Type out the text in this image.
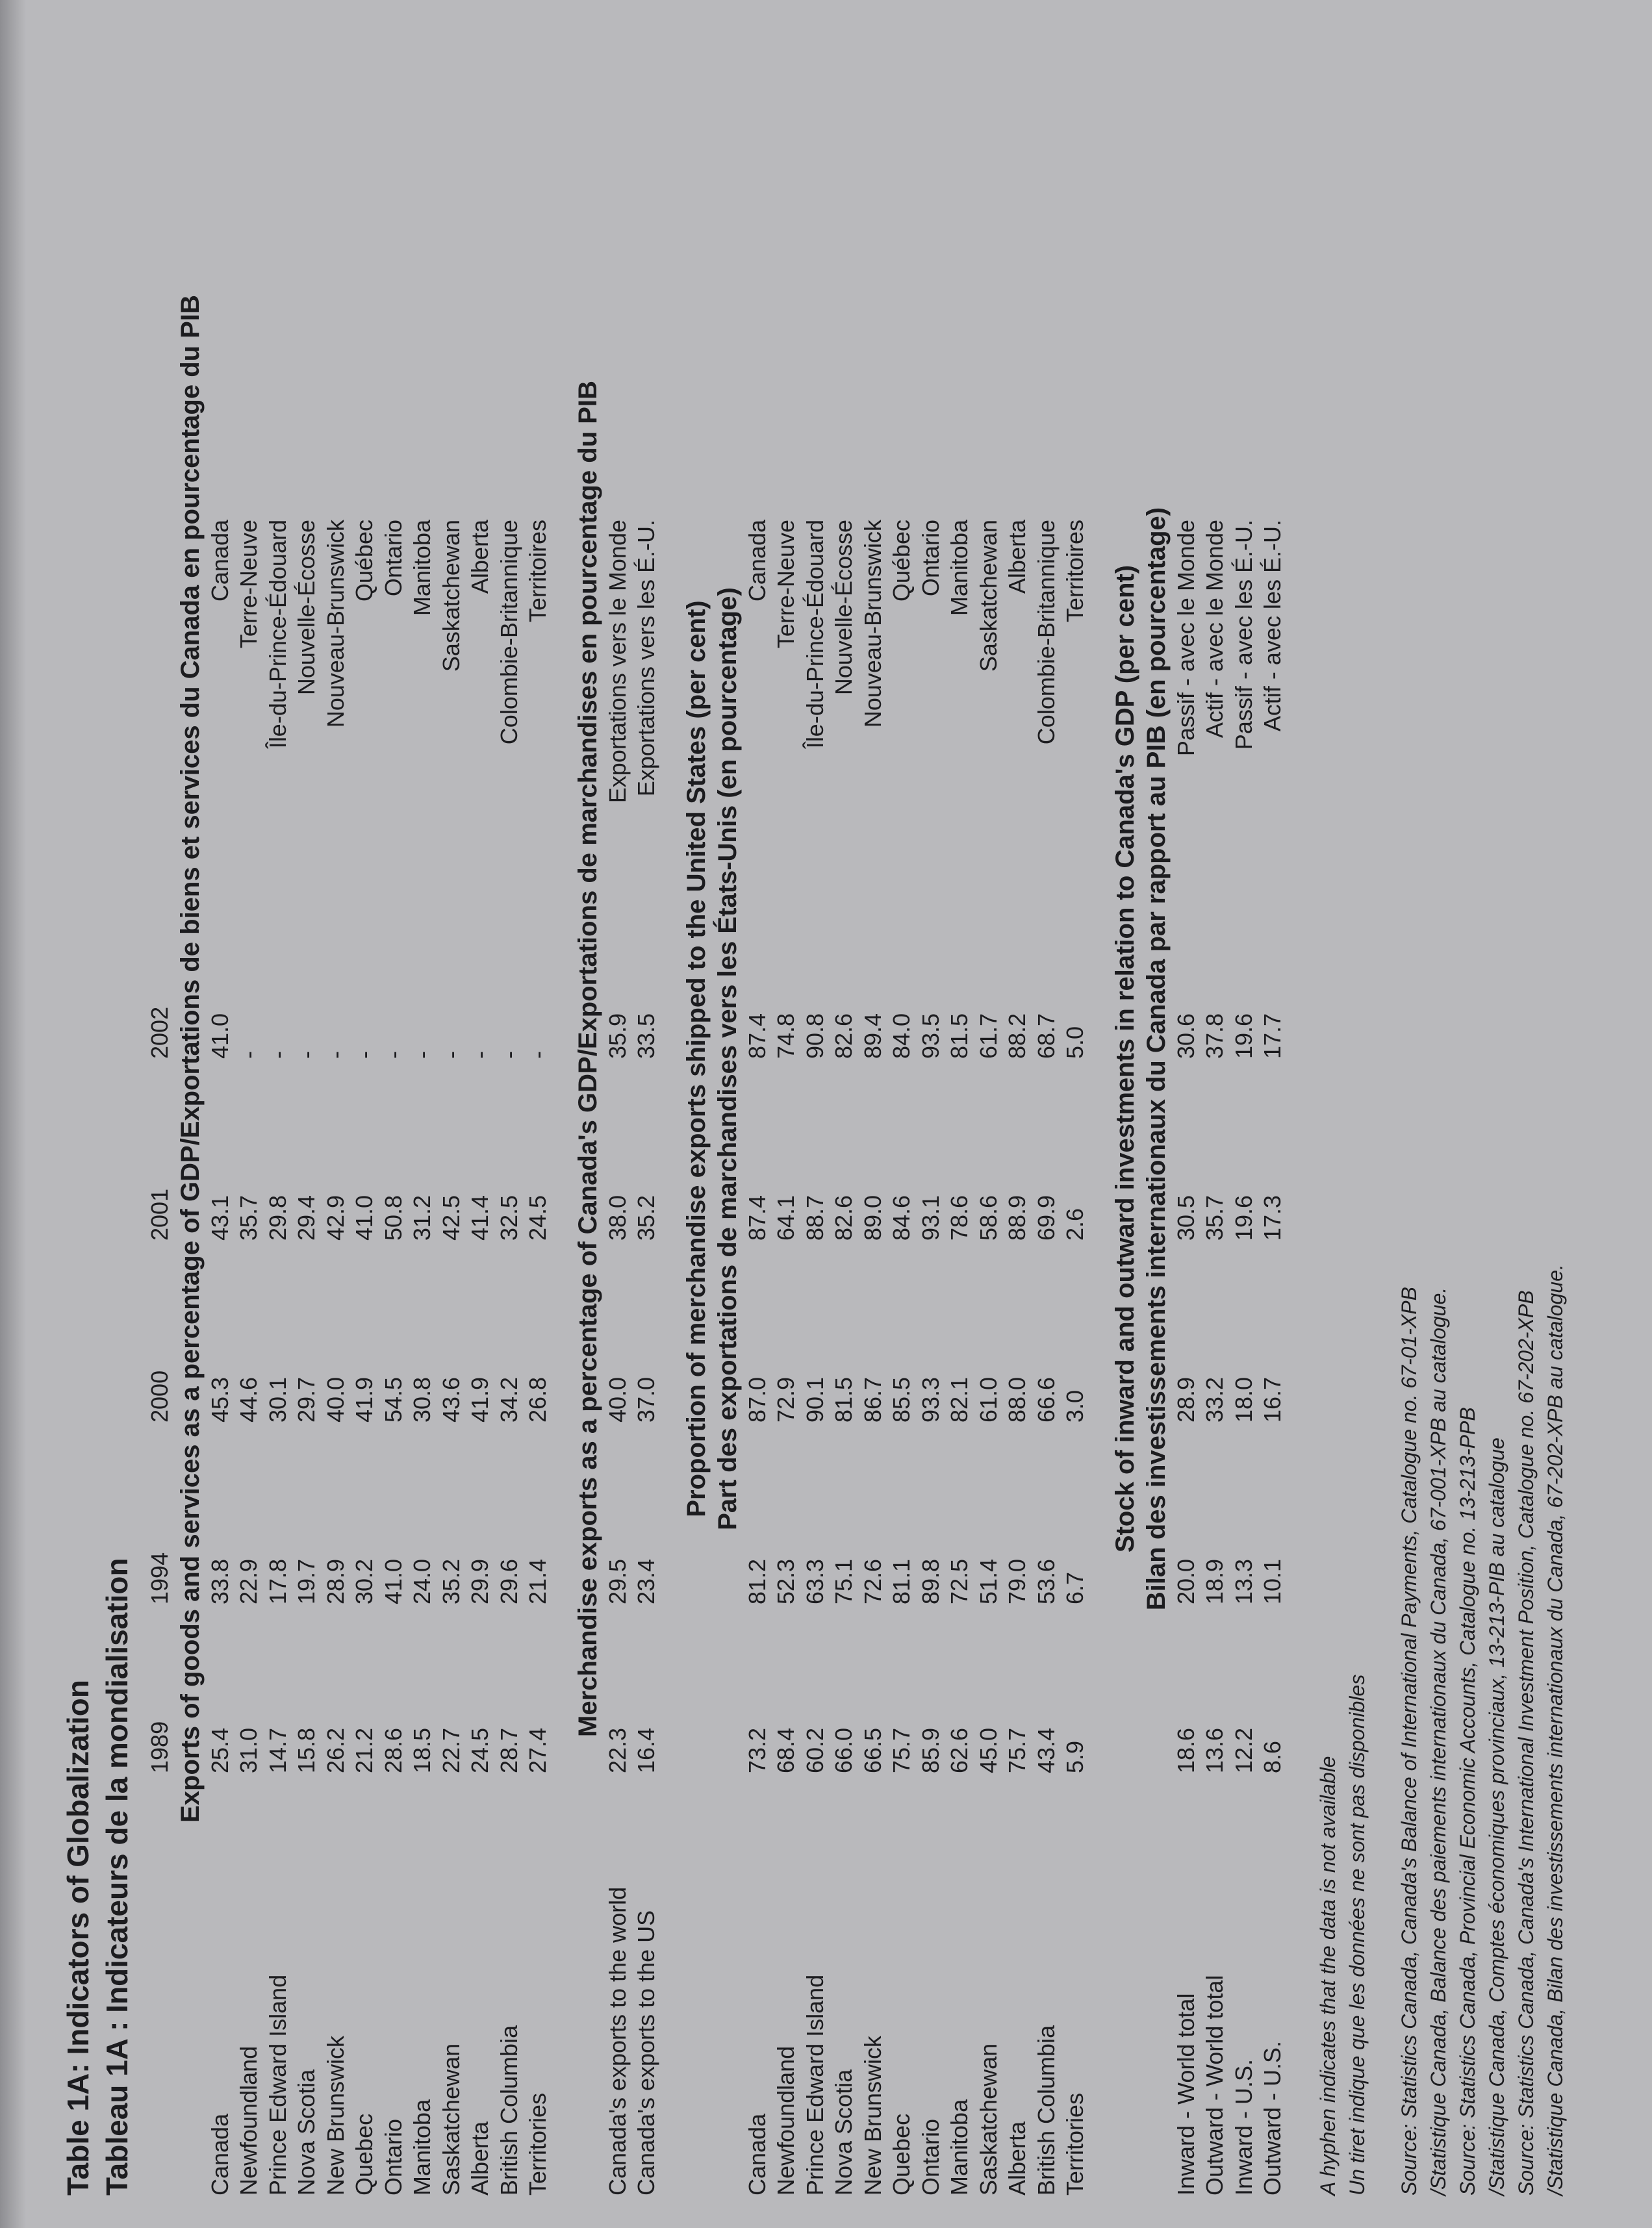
Table 1A: Indicators of Globalization Tableau 1A : Indicateurs de la mondialisation
	1989	1994	2000	2001	2002	Exports of goods and services as a percentage of GDP/Exportations de biens et services du Canada en pourcentage du PIB
Canada	25.4	33.8	45.3	43.1	41.0	Canada
Newfoundland	31.0	22.9	44.6	35.7	-	Terre-Neuve
Prince Edward Island	14.7	17.8	30.1	29.8	-	Île-du-Prince-Édouard
Nova Scotia	15.8	19.7	29.7	29.4	-	Nouvelle-Écosse
New Brunswick	26.2	28.9	40.0	42.9	-	Nouveau-Brunswick
Quebec	21.2	30.2	41.9	41.0	-	Québec
Ontario	28.6	41.0	54.5	50.8	-	Ontario
Manitoba	18.5	24.0	30.8	31.2	-	Manitoba
Saskatchewan	22.7	35.2	43.6	42.5	-	Saskatchewan
Alberta	24.5	29.9	41.9	41.4	-	Alberta
British Columbia	28.7	29.6	34.2	32.5	-	Colombie-Britannique
Territories	27.4	21.4	26.8	24.5	-	Territoires Merchandise exports as a percentage of Canada's GDP/Exportations de marchandises en pourcentage du PIB
Canada's exports to the world	22.3	29.5	40.0	38.0	35.9	Exportations vers le Monde
Canada's exports to the US	16.4	23.4	37.0	35.2	33.5	Exportations vers les É.-U. Proportion of merchandise exports shipped to the United States (per cent) Part des exportations de marchandises vers les États-Unis (en pourcentage)
Canada	73.2	81.2	87.0	87.4	87.4	Canada
Newfoundland	68.4	52.3	72.9	64.1	74.8	Terre-Neuve
Prince Edward Island	60.2	63.3	90.1	88.7	90.8	Île-du-Prince-Édouard
Nova Scotia	66.0	75.1	81.5	82.6	82.6	Nouvelle-Écosse
New Brunswick	66.5	72.6	86.7	89.0	89.4	Nouveau-Brunswick
Quebec	75.7	81.1	85.5	84.6	84.0	Québec
Ontario	85.9	89.8	93.3	93.1	93.5	Ontario
Manitoba	62.6	72.5	82.1	78.6	81.5	Manitoba
Saskatchewan	45.0	51.4	61.0	58.6	61.7	Saskatchewan
Alberta	75.7	79.0	88.0	88.9	88.2	Alberta
British Columbia	43.4	53.6	66.6	69.9	68.7	Colombie-Britannique
Territories	5.9	6.7	3.0	2.6	5.0	Territoires Stock of inward and outward investments in relation to Canada's GDP (per cent) Bilan des investissements internationaux du Canada par rapport au PIB (en pourcentage)
Inward - World total	18.6	20.0	28.9	30.5	30.6	Passif - avec le Monde
Outward - World total	13.6	18.9	33.2	35.7	37.8	Actif - avec le Monde
Inward - U.S.	12.2	13.3	18.0	19.6	19.6	Passif - avec les É.-U.
Outward - U.S.	8.6	10.1	16.7	17.3	17.7	Actif - avec les É.-U.
A hyphen indicates that the data is not available Un tiret indique que les données ne sont pas disponibles Source: Statistics Canada, Canada's Balance of International Payments, Catalogue no. 67-01-XPB /Statistique Canada, Balance des paiements internationaux du Canada, 67-001-XPB au catalogue. Source: Statistics Canada, Provincial Economic Accounts, Catalogue no. 13-213-PPB /Statistique Canada, Comptes économiques provinciaux, 13-213-PIB au catalogue Source: Statistics Canada, Canada's International Investment Position, Catalogue no. 67-202-XPB /Statistique Canada, Bilan des investissements internationaux du Canada, 67-202-XPB au catalogue.
